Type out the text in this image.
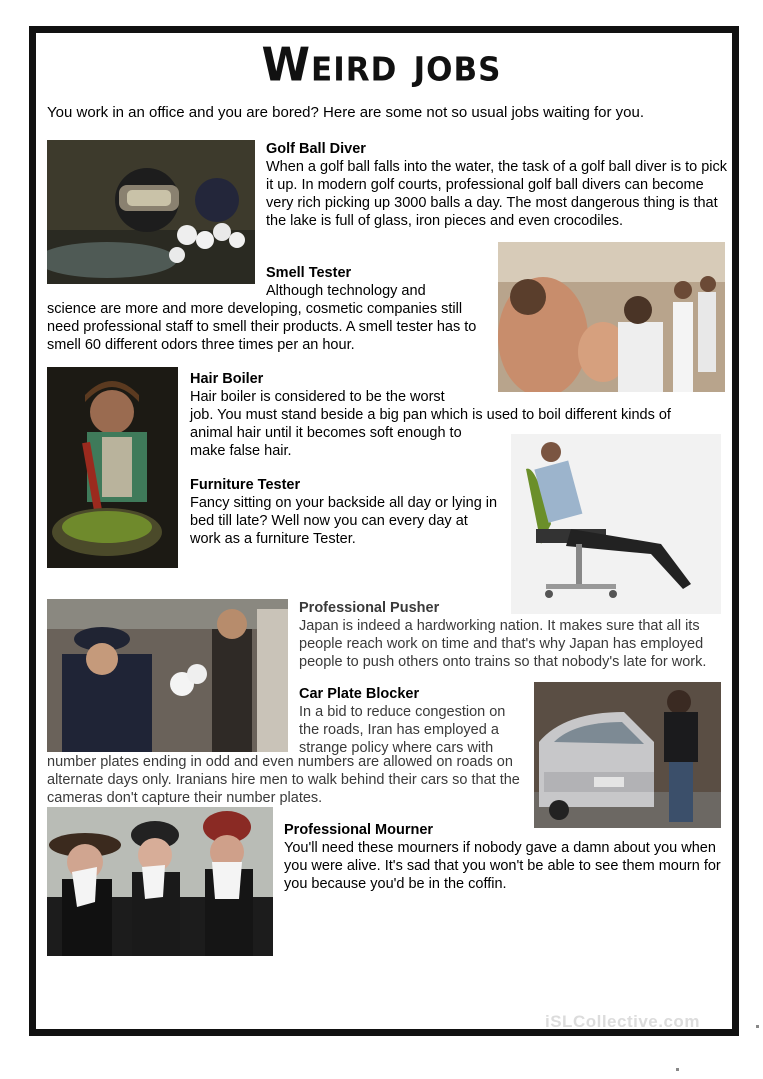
Weird jobs
You work in an office and you are bored? Here are some not so usual jobs waiting for you.
Golf Ball Diver
When a golf ball falls into the water, the task of a golf ball diver is to pick it up. In modern golf courts, professional golf ball divers can become very rich picking up 3000 balls a day. The most dangerous thing is that the lake is full of glass, iron pieces and even crocodiles.
Smell Tester
Although technology and
science are more and more developing, cosmetic companies still need professional staff to smell their products. A smell tester has to smell 60 different odors three times per an hour.
Hair Boiler
Hair boiler is considered to be the worst
job. You must stand beside a big pan which is used to boil different kinds of
animal hair until it becomes soft enough to
make false hair.
Furniture Tester
Fancy sitting on your backside all day or lying in bed till late? Well now you can every day at work as a furniture Tester.
Professional Pusher
Japan is indeed a hardworking nation. It makes sure that all its people reach work on time and that's why Japan has employed people to push others onto trains so that nobody's late for work.
Car Plate Blocker
In a bid to reduce congestion on
the roads, Iran has employed a
strange policy where cars with
number plates ending in odd and even numbers are allowed on roads on alternate days only. Iranians hire men to walk behind their cars so that the cameras don't capture their number plates.
Professional Mourner
You'll need these mourners if nobody gave a damn about you when you were alive. It's sad that you won't be able to see them mourn for you because you'd be in the coffin.
iSLCollective.com
